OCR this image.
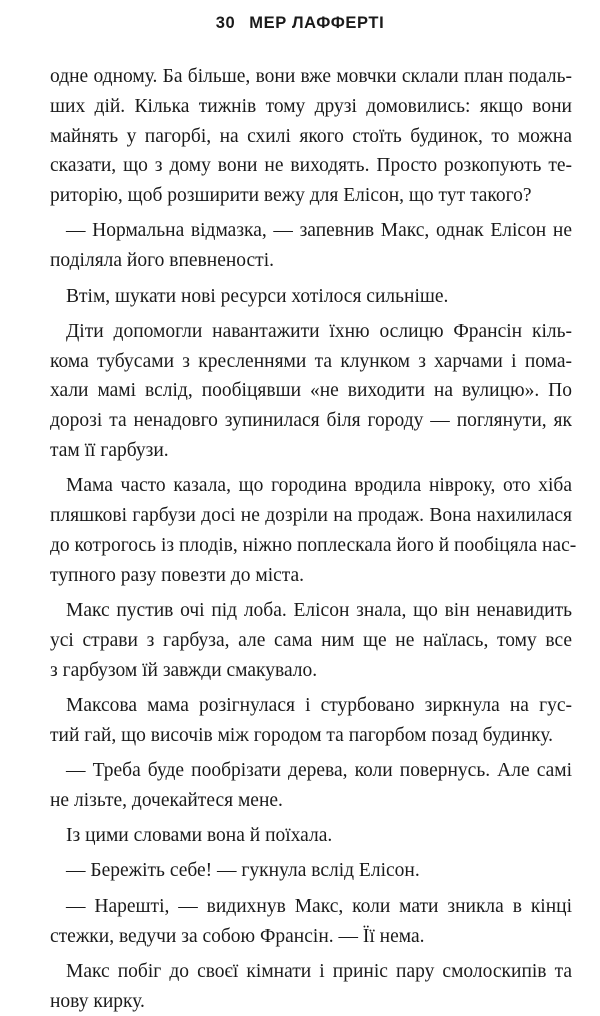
30 МЕР ЛАФФЕРТІ
одне одному. Ба більше, вони вже мовчки склали план подаль-
ших дій. Кілька тижнів тому друзі домовились: якщо вони
майнять у пагорбі, на схилі якого стоїть будинок, то можна
сказати, що з дому вони не виходять. Просто розкопують те-
риторію, щоб розширити вежу для Елісон, що тут такого?
— Нормальна відмазка, — запевнив Макс, однак Елісон не
поділяла його впевненості.
Втім, шукати нові ресурси хотілося сильніше.
Діти допомогли навантажити їхню ослицю Франсін кіль-
кома тубусами з кресленнями та клунком з харчами і пома-
хали мамі вслід, пообіцявши «не виходити на вулицю». По
дорозі та ненадовго зупинилася біля городу — поглянути, як
там її гарбузи.
Мама часто казала, що городина вродила нівроку, ото хіба
пляшкові гарбузи досі не дозріли на продаж. Вона нахилилася
до котрогось із плодів, ніжно поплескала його й пообіцяла нас-
тупного разу повезти до міста.
Макс пустив очі під лоба. Елісон знала, що він ненавидить
усі страви з гарбуза, але сама ним ще не наїлась, тому все
з гарбузом їй завжди смакувало.
Максова мама розігнулася і стурбовано зиркнула на гус-
тий гай, що височів між городом та пагорбом позад будинку.
— Треба буде пообрізати дерева, коли повернусь. Але самі
не лізьте, дочекайтеся мене.
Із цими словами вона й поїхала.
— Бережіть себе! — гукнула вслід Елісон.
— Нарешті, — видихнув Макс, коли мати зникла в кінці
стежки, ведучи за собою Франсін. — Її нема.
Макс побіг до своєї кімнати і приніс пару смолоскипів та
нову кирку.
